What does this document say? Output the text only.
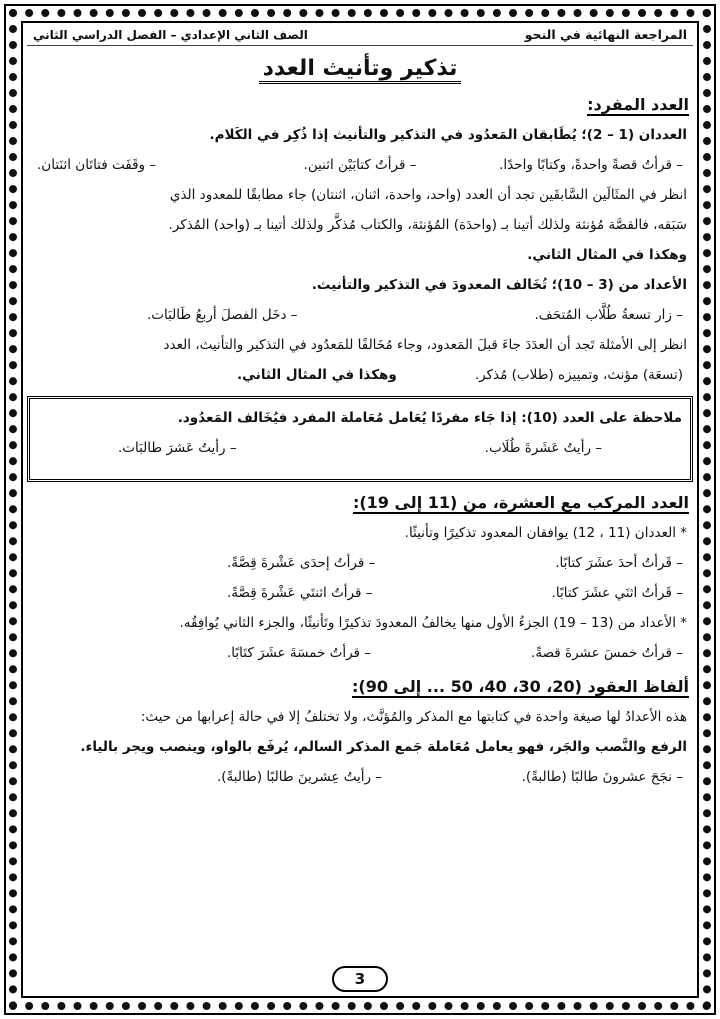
المراجعة النهائية في النحو
الصف الثاني الإعدادي – الفصل الدراسي الثاني
تذكير وتأنيث العدد
العدد المفرد:
العددان (1 – 2)؛ يُطَابقان المَعدُود في التذكير والتأنيث إذا ذُكِر في الكَلام.
– قرأتُ قصةً واحدةً، وكتابًا واحدًا.
– قرأتُ كتابَيْن اثنين.
– وقَفَت فتاتَان اثنَتان.
انظر في المثَالَين السَّابقَين تجد أن العدد (واحد، واحدة، اثنان، اثنتان) جاء مطابقًا للمعدود الذي
سَبَقه، فالقصَّة مُؤنثة ولذلك أتينا بـ (واحدَة) المُؤنثة، والكتاب مُذكَّر ولذلك أتينا بـ (واحد) المُذكر.
وهكذا في المثال الثاني.
الأعداد من (3 – 10)؛ تُخَالف المعدودَ في التذكير والتأنيث.
– زار تسعةُ طُلَّاب المُتحَف.
– دخَل الفصلَ أربعُ طَالبَات.
انظر إلى الأمثلة تَجد أن العدَدَ جاءَ قبلَ المَعدود، وجاء مُخَالفًا للمَعدُود في التذكير والتأنيث، العدد
(تسعَة) مؤنث، وتمييزه (طلاب) مُذكر.
وهكذا في المثال الثاني.
ملاحظة على العدد (10): إذا جَاء مفردًا يُعَامل مُعَاملة المفرد فيُخَالف المَعدُود.
– رأيتُ عَشَرةَ طُلَاب.
– رأيتُ عَشرَ طالبَات.
العدد المركب مع العشرة، من (11 إلى 19):
* العددان (11 ، 12) يوافقان المعدود تذكيرًا وتأنيثًا.
– قَرأتُ أحدَ عشَرَ كتابًا.
– قرأتُ إحدَى عَشْرةَ قِصَّةً.
– قَرأتُ اثنَي عشَرَ كتابًا.
– قرأتُ اثنتَي عَشْرةَ قِصَّةً.
* الأعداد من (13 – 19) الجزءُ الأول منها يخالفُ المعدودَ تذكيرًا وتَأنيثًا، والجزء الثاني يُوافِقُه.
– قرأتُ خمسَ عشرةَ قصةً.
– قرأتُ خمسَةَ عشَرَ كتَابًا.
ألفاظ العقود (20، 30، 40، 50 ... إلى 90):
هذه الأعدادُ لها صيغة واحدة في كتابتها مع المذكر والمُؤنَّث، ولا تختلفُ إلا في حالة إعرابها من حيث:
الرفع والنَّصب والجَر، فهو يعامل مُعَاملة جَمع المذكر السالم، يُرفَع بالواو، وينصب ويجر بالياء.
– نجَحَ عشرونَ طالبًا (طالبةً).
– رأيتُ عِشرينَ طالبًا (طالبةً).
3
